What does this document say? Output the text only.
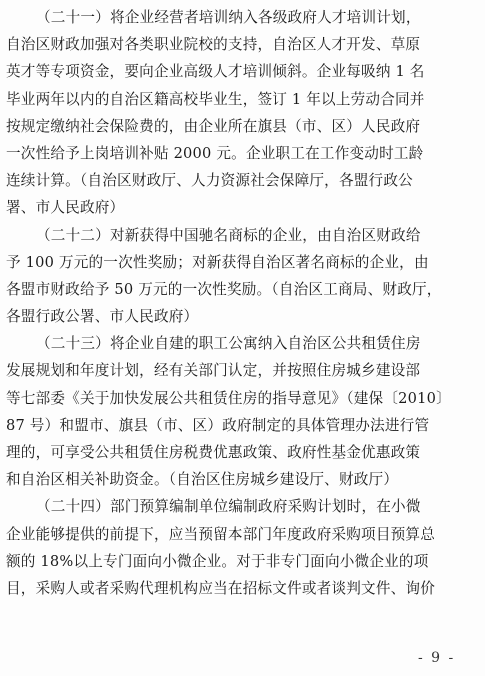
（二十一）将企业经营者培训纳入各级政府人才培训计划，
自治区财政加强对各类职业院校的支持，自治区人才开发、草原
英才等专项资金，要向企业高级人才培训倾斜。企业每吸纳 1 名
毕业两年以内的自治区籍高校毕业生，签订 1 年以上劳动合同并
按规定缴纳社会保险费的，由企业所在旗县（市、区）人民政府
一次性给予上岗培训补贴 2000 元。企业职工在工作变动时工龄
连续计算。（自治区财政厅、人力资源社会保障厅，各盟行政公
署、市人民政府）

（二十二）对新获得中国驰名商标的企业，由自治区财政给
予 100 万元的一次性奖励；对新获得自治区著名商标的企业，由
各盟市财政给予 50 万元的一次性奖励。（自治区工商局、财政厅，
各盟行政公署、市人民政府）

（二十三）将企业自建的职工公寓纳入自治区公共租赁住房
发展规划和年度计划，经有关部门认定，并按照住房城乡建设部
等七部委《关于加快发展公共租赁住房的指导意见》（建保〔2010〕
87 号）和盟市、旗县（市、区）政府制定的具体管理办法进行管
理的，可享受公共租赁住房税费优惠政策、政府性基金优惠政策
和自治区相关补助资金。（自治区住房城乡建设厅、财政厅）

（二十四）部门预算编制单位编制政府采购计划时，在小微
企业能够提供的前提下，应当预留本部门年度政府采购项目预算总
额的 18%以上专门面向小微企业。对于非专门面向小微企业的项
目，采购人或者采购代理机构应当在招标文件或者谈判文件、询价

- 9 -
